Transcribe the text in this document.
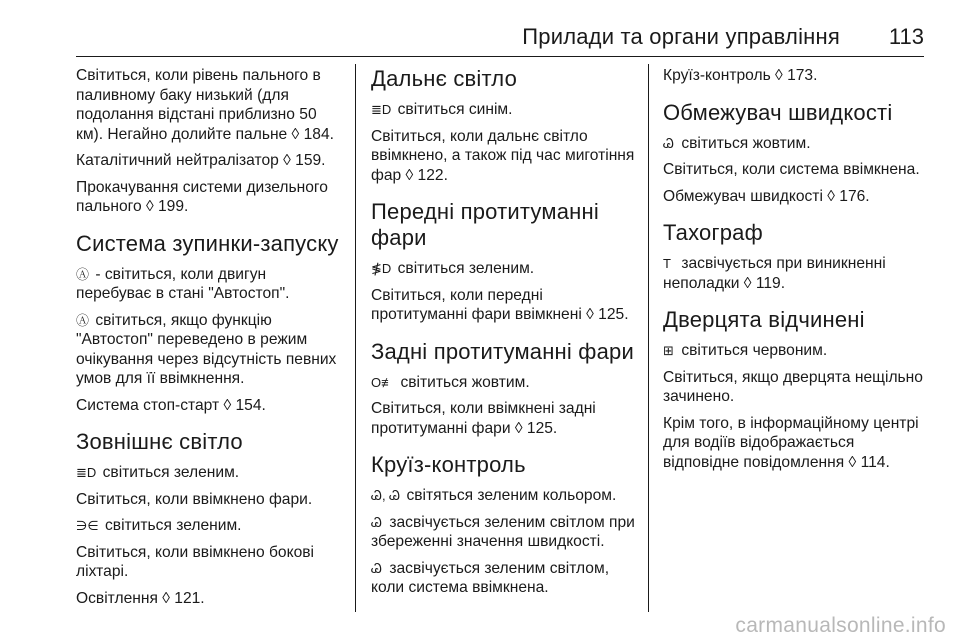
Прилади та органи управління 113

Світиться, коли рівень пального в паливному баку низький (для подолання відстані приблизно 50 км). Негайно долийте пальне ◊ 184.

Каталітичний нейтралізатор ◊ 159.

Прокачування системи дизельного пального ◊ 199.

Система зупинки-запуску

Ⓐ - світиться, коли двигун перебуває в стані "Автостоп".

Ⓐ світиться, якщо функцію "Автостоп" переведено в режим очікування через відсутність певних умов для її ввімкнення.

Система стоп-старт ◊ 154.

Зовнішнє світло

≣D світиться зеленим.

Світиться, коли ввімкнено фари.

∋∈ світиться зеленим.

Світиться, коли ввімкнено бокові ліхтарі.

Освітлення ◊ 121.

Дальнє світло

≣D світиться синім.

Світиться, коли дальнє світло ввімкнено, а також під час миготіння фар ◊ 122.

Передні протитуманні фари

≸D світиться зеленим.

Світиться, коли передні протитуманні фари ввімкнені ◊ 125.

Задні протитуманні фари

O≢ світиться жовтим.

Світиться, коли ввімкнені задні протитуманні фари ◊ 125.

Круїз-контроль

Ꮚ, Ꮚ світяться зеленим кольором.

Ꮚ засвічується зеленим світлом при збереженні значення швидкості.

Ꮚ засвічується зеленим світлом, коли система ввімкнена.

Круїз-контроль ◊ 173.

Обмежувач швидкості

Ꮚ світиться жовтим.

Світиться, коли система ввімкнена.

Обмежувач швидкості ◊ 176.

Тахограф

T засвічується при виникненні неполадки ◊ 119.

Дверцята відчинені

⊞ світиться червоним.

Світиться, якщо дверцята нещільно зачинено.

Крім того, в інформаційному центрі для водіїв відображається відповідне повідомлення ◊ 114.

carmanualsonline.info
